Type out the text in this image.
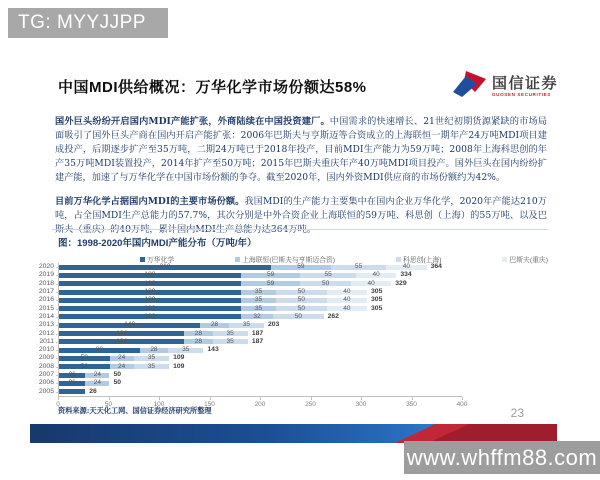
TG: MYYJJPP
中国MDI供给概况：万华化学市场份额达58%	国信证券
GUOSEN SECURITIES

国外巨头纷纷开启国内MDI产能扩张，外商陆续在中国投资建厂。中国需求的快速增长、21世纪初期货源紧缺的市场局面吸引了国外巨头产商在国内开启产能扩张：2006年巴斯夫与亨斯迈等合资成立的上海联恒一期年产24万吨MDI项目建成投产，后期逐步扩产至35万吨，二期24万吨已于2018年投产，目前MDI生产能力为59万吨；2008年上海科思创的年产35万吨MDI装置投产，2014年扩产至50万吨；2015年巴斯夫重庆年产40万吨MDI项目投产。国外巨头在国内纷纷扩建产能，加速了与万华化学在中国市场份额的争夺。截至2020年，国内外资MDI供应商的市场份额约为42%。

目前万华化学占据国内MDI的主要市场份额。我国MDI的生产能力主要集中在国内企业万华化学，2020年产能达210万吨，占全国MDI生产总能力的57.7%，其次分别是中外合资企业上海联恒的59万吨、科思创（上海）的55万吨、以及巴斯夫（重庆）的40万吨，累计国内MDI生产总能力达364万吨。

图：1998-2020年国内MDI产能分布（万吨/年）
万华化学	上海联恒(巴斯夫与亨斯迈合资)	科思创(上海)	巴斯夫(重庆)
2020	210	59	55	40	364
2019	180	59	55	40	334
2018	180	59	50	40	329
2017	180	35	50	40	305
2016	180	35	50	40	305
2015	180	35	50	40	305
2014	180	32	50	262
2013	140	28	35	203
2012	124	28	35	187
2011	124	28	35	187
2010	80	28	35	143
2009	50	24	35	109
2008	50	24	35	109
2007	26	24	50
2006	26	24	50
2005	26
0	50	100	150	200	250	300	350	400
资料来源:天天化工网、国信证券经济研究所整理	23
www.whffm88.com
